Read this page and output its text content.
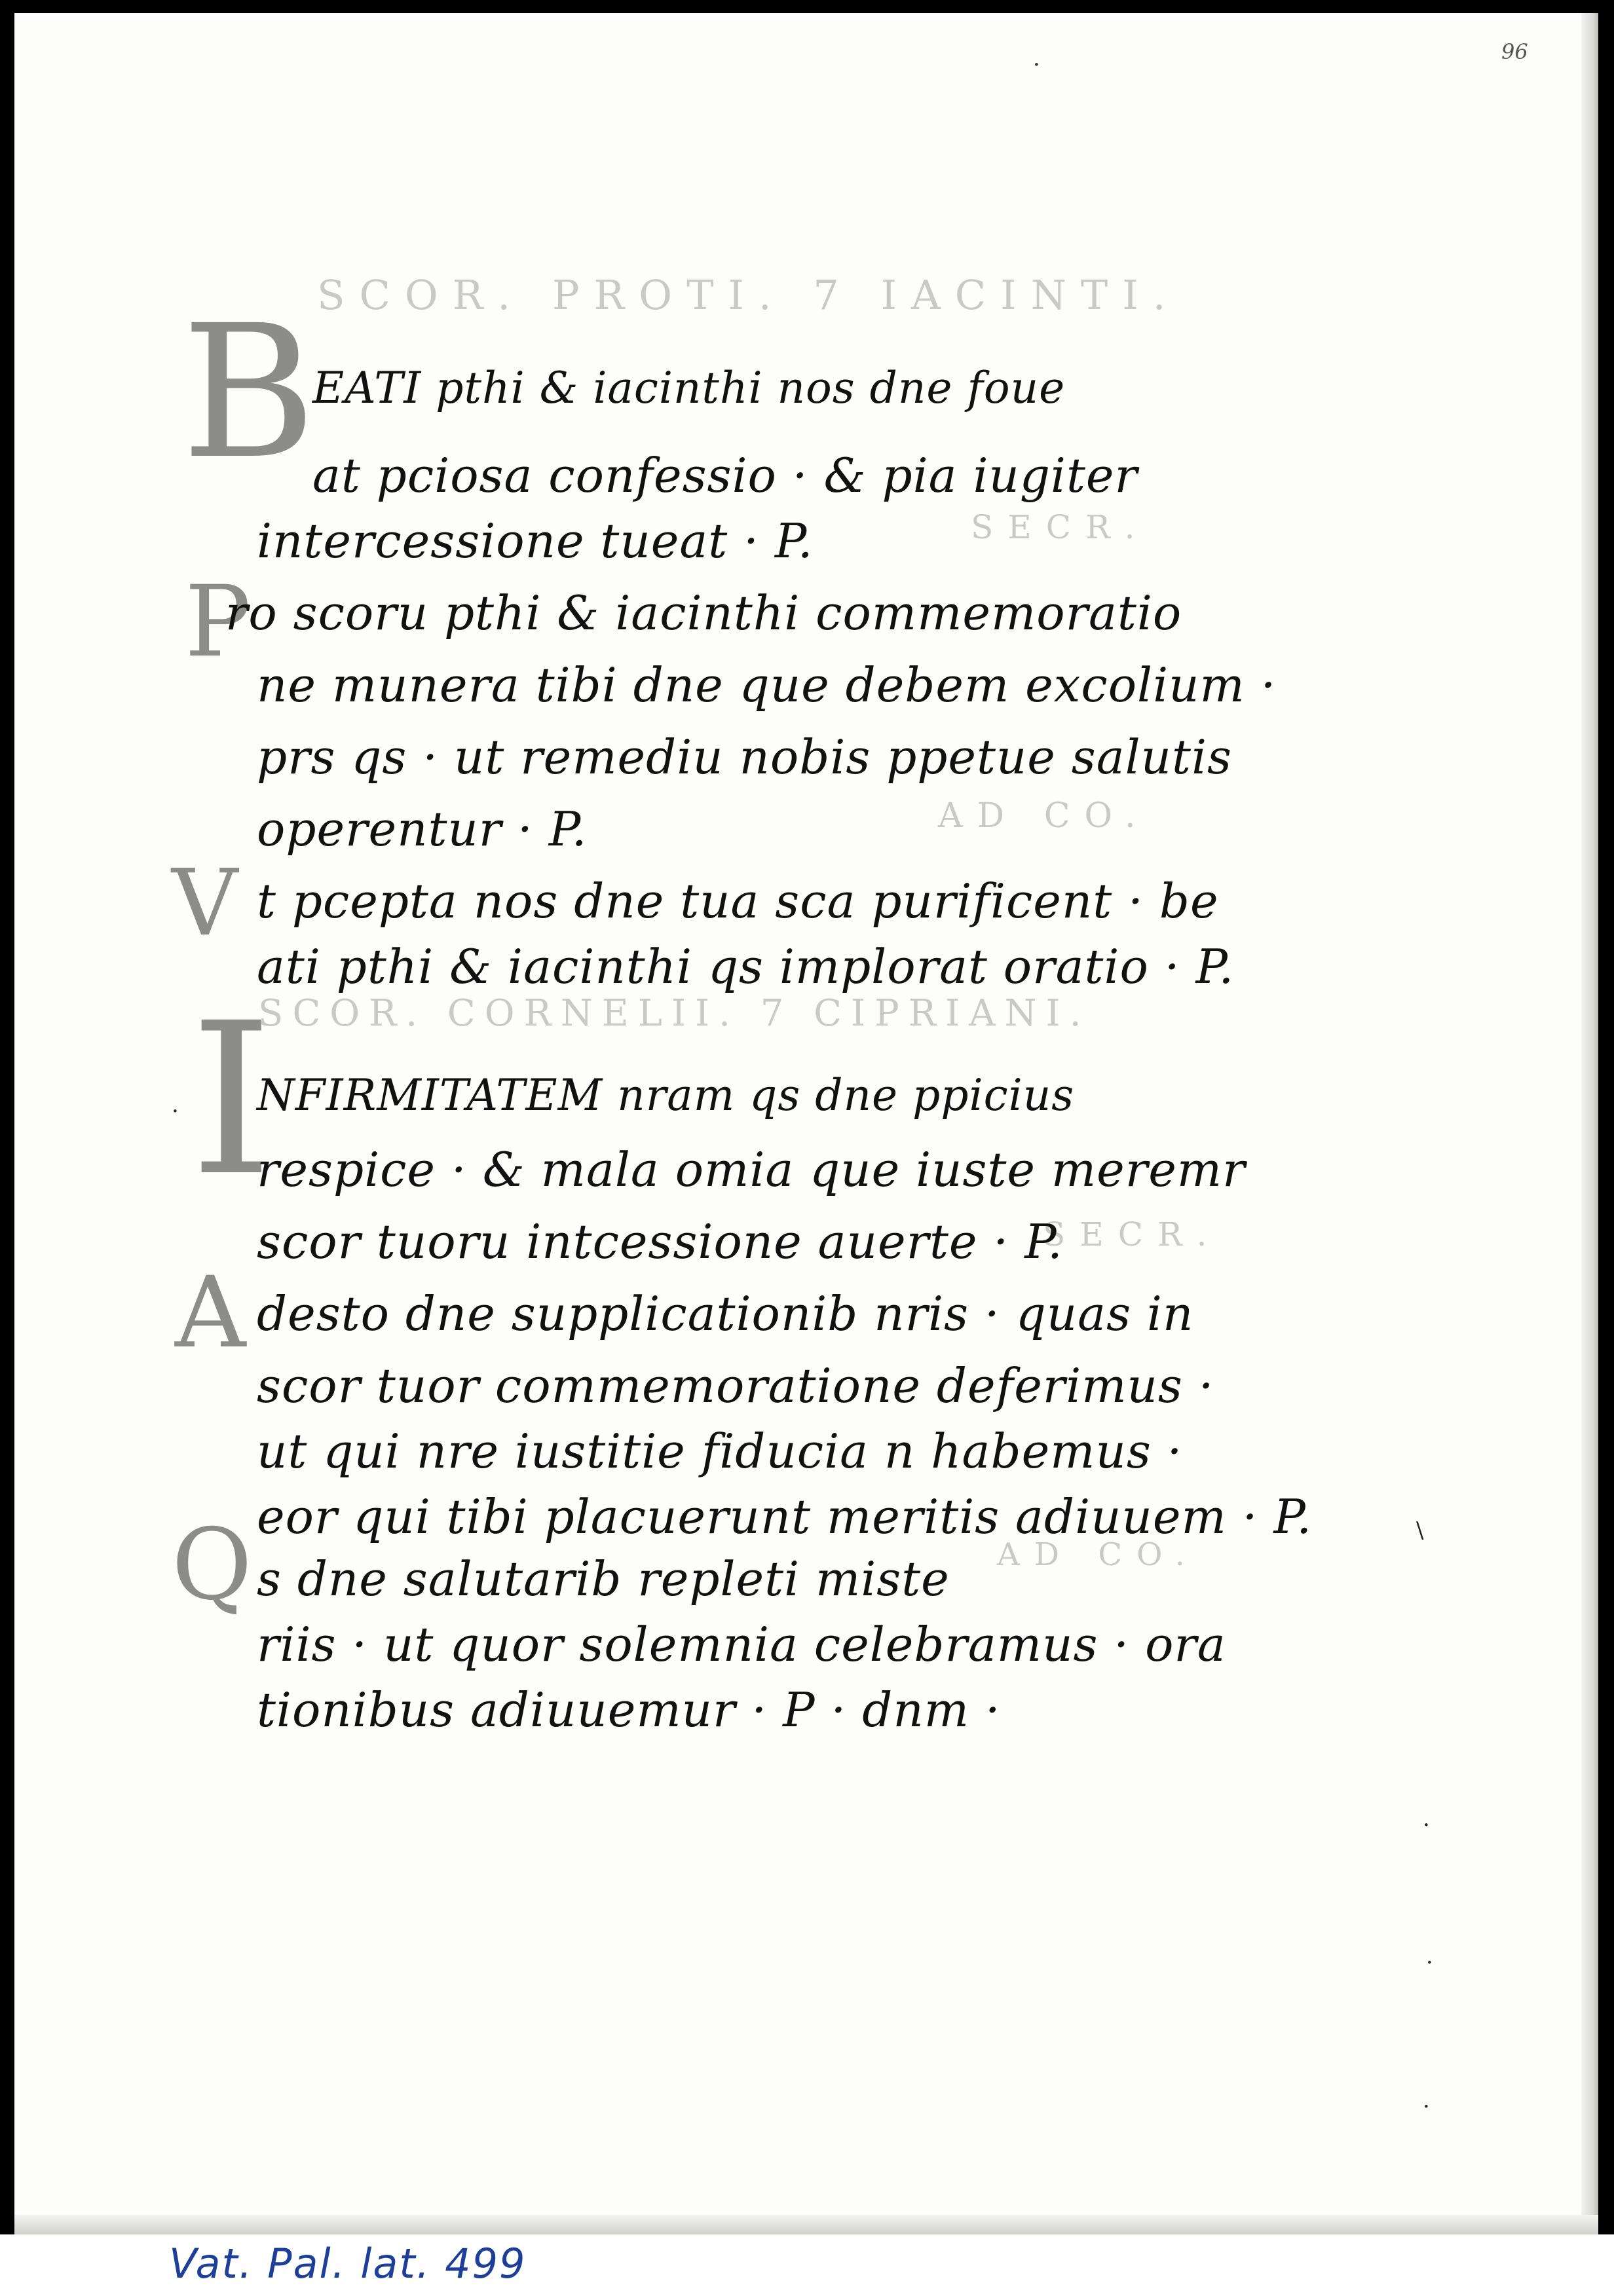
96
·
\
·
·
·
·
SCOR. PROTI. 7 IACINTI.
SECR.
AD CO.
SCOR. CORNELII. 7 CIPRIANI.
SECR.
AD CO.
B
P
V
I
A
Q
EATI pthi & iacinthi nos dne foue
at pciosa confessio · & pia iugiter
intercessione tueat · P.
ro scoru pthi & iacinthi commemoratio
ne munera tibi dne que debem excolium ·
prs qs · ut remediu nobis ppetue salutis
operentur · P.
t pcepta nos dne tua sca purificent · be
ati pthi & iacinthi qs implorat oratio · P.
NFIRMITATEM nram qs dne ppicius
respice · & mala omia que iuste meremr
scor tuoru intcessione auerte · P.
desto dne supplicationib nris · quas in
scor tuor commemoratione deferimus ·
ut qui nre iustitie fiducia n habemus ·
eor qui tibi placuerunt meritis adiuuem · P.
s dne salutarib repleti miste
riis · ut quor solemnia celebramus · ora
tionibus adiuuemur · P · dnm ·
Vat. Pal. lat. 499
